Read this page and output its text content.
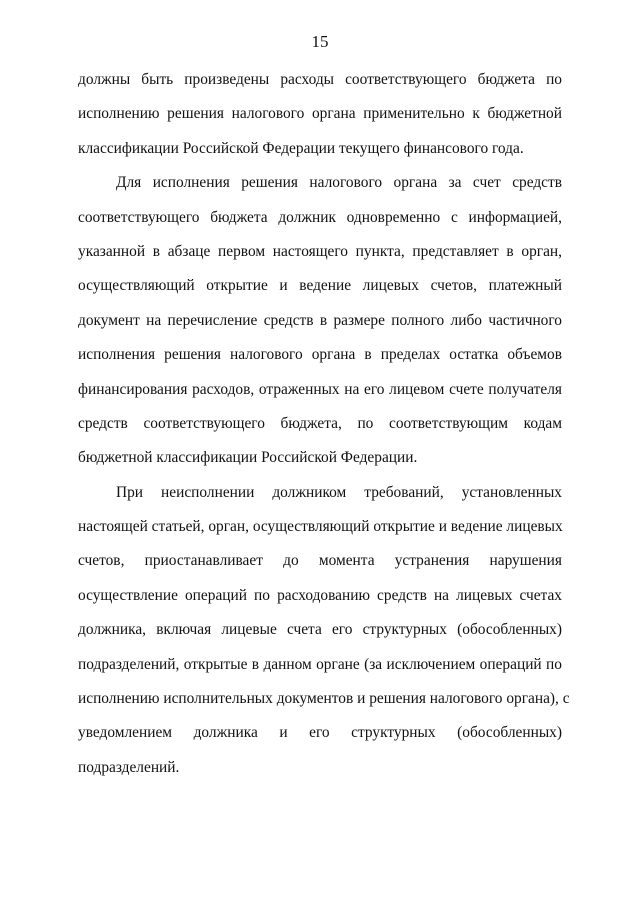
15
должны быть произведены расходы соответствующего бюджета по
исполнению решения налогового органа применительно к бюджетной
классификации Российской Федерации текущего финансового года.
Для исполнения решения налогового органа за счет средств
соответствующего бюджета должник одновременно с информацией,
указанной в абзаце первом настоящего пункта, представляет в орган,
осуществляющий открытие и ведение лицевых счетов, платежный
документ на перечисление средств в размере полного либо частичного
исполнения решения налогового органа в пределах остатка объемов
финансирования расходов, отраженных на его лицевом счете получателя
средств соответствующего бюджета, по соответствующим кодам
бюджетной классификации Российской Федерации.
При неисполнении должником требований, установленных
настоящей статьей, орган, осуществляющий открытие и ведение лицевых
счетов, приостанавливает до момента устранения нарушения
осуществление операций по расходованию средств на лицевых счетах
должника, включая лицевые счета его структурных (обособленных)
подразделений, открытые в данном органе (за исключением операций по
исполнению исполнительных документов и решения налогового органа), с
уведомлением должника и его структурных (обособленных)
подразделений.
